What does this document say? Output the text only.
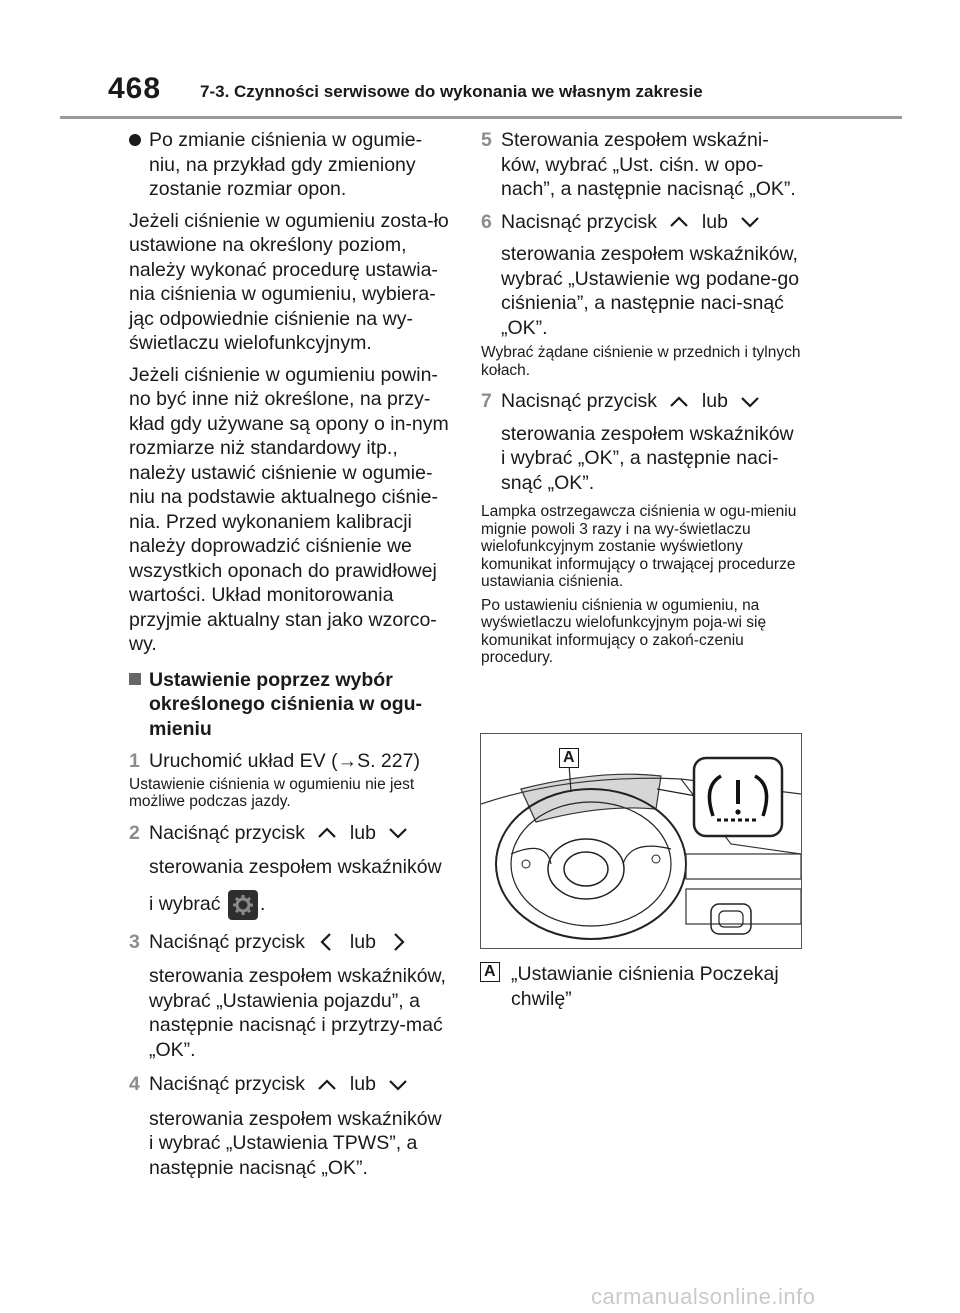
468 7-3. Czynności serwisowe do wykonania we własnym zakresie
Po zmianie ciśnienia w ogumie-niu, na przykład gdy zmieniony zostanie rozmiar opon.

Jeżeli ciśnienie w ogumieniu zosta-ło ustawione na określony poziom, należy wykonać procedurę ustawia-nia ciśnienia w ogumieniu, wybiera-jąc odpowiednie ciśnienie na wy-świetlaczu wielofunkcyjnym.

Jeżeli ciśnienie w ogumieniu powin-no być inne niż określone, na przy-kład gdy używane są opony o in-nym rozmiarze niż standardowy itp., należy ustawić ciśnienie w ogumie-niu na podstawie aktualnego ciśnie-nia. Przed wykonaniem kalibracji należy doprowadzić ciśnienie we wszystkich oponach do prawidłowej wartości. Układ monitorowania przyjmie aktualny stan jako wzorco-wy.

Ustawienie poprzez wybór określonego ciśnienia w ogu-mieniu
1 Uruchomić układ EV (→S. 227)

Ustawienie ciśnienia w ogumieniu nie jest możliwe podczas jazdy.

2 Naciśnąć przycisk lub
sterowania zespołem wskaźników
i wybrać .
3 Naciśnąć przycisk lub
sterowania zespołem wskaźników, wybrać „Ustawienia pojazdu”, a następnie nacisnąć i przytrzy-mać „OK”.
4 Naciśnąć przycisk lub
sterowania zespołem wskaźników i wybrać „Ustawienia TPWS”, a następnie nacisnąć „OK”.
5 Sterowania zespołem wskaźni-ków, wybrać „Ust. ciśn. w opo-nach”, a następnie nacisnąć „OK”.
6 Nacisnąć przycisk lub
sterowania zespołem wskaźników, wybrać „Ustawienie wg podane-go ciśnienia”, a następnie naci-snąć „OK”.

Wybrać żądane ciśnienie w przednich i tylnych kołach.

7 Nacisnąć przycisk lub
sterowania zespołem wskaźników i wybrać „OK”, a następnie naci-snąć „OK”.

Lampka ostrzegawcza ciśnienia w ogu-mieniu mignie powoli 3 razy i na wy-świetlaczu wielofunkcyjnym zostanie wyświetlony komunikat informujący o trwającej procedurze ustawiania ciśnienia.

Po ustawieniu ciśnienia w ogumieniu, na wyświetlaczu wielofunkcyjnym poja-wi się komunikat informujący o zakoń-czeniu procedury.

A
A „Ustawianie ciśnienia Poczekaj chwilę”
carmanualsonline.info
